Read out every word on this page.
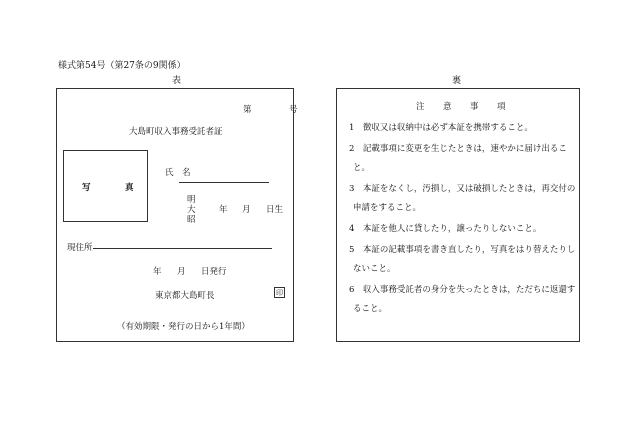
様式第54号（第27条の9関係）
表	裏
第	号
大島町収入事務受託者証
写	真
氏　名
明
大
昭
年 月 日生
現住所
年 月 日発行
東京都大島町長	印
（有効期限・発行の日から1年間）
注　　意　　事　　項
1　徴収又は収納中は必ず本証を携帯すること。
2　記載事項に変更を生じたときは，速やかに届け出るこ
と。
3　本証をなくし，汚損し，又は破損したときは，再交付の
申請をすること。
4　本証を他人に貸したり，譲ったりしないこと。
5　本証の記載事項を書き直したり，写真をはり替えたりし
ないこと。
6　収入事務受託者の身分を失ったときは，ただちに返還す
ること。
